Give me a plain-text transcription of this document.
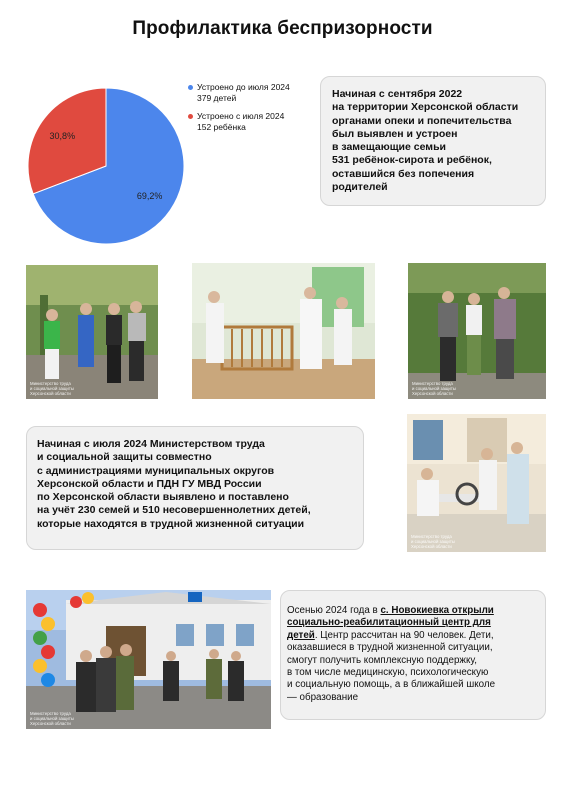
Профилактика беспризорности
69,2%
30,8%
Устроено до июля 2024
379 детей
Устроено с июля 2024
152 ребёнка
Начиная с сентября 2022
на территории Херсонской области
органами опеки и попечительства
был выявлен и устроен
в замещающие семьи
531 ребёнок-сирота и ребёнок,
оставшийся без попечения
родителей
Министерство труда
и социальной защиты
Херсонской области
Министерство труда
и социальной защиты
Херсонской области
Начиная с июля 2024 Министерством труда
и социальной защиты совместно
с администрациями муниципальных округов
Херсонской области и ПДН ГУ МВД России
по Херсонской области выявлено и поставлено
на учёт 230 семей и 510 несовершеннолетних детей,
которые находятся в трудной жизненной ситуации
Министерство труда
и социальной защиты
Херсонской области
Министерство труда
и социальной защиты
Херсонской области
Осенью 2024 года в с. Новокиевка открыли
социально-реабилитационный центр для
детей. Центр рассчитан на 90 человек. Дети,
оказавшиеся в трудной жизненной ситуации,
смогут получить комплексную поддержку,
в том числе медицинскую, психологическую
и социальную помощь, а в ближайшей школе
— образование
